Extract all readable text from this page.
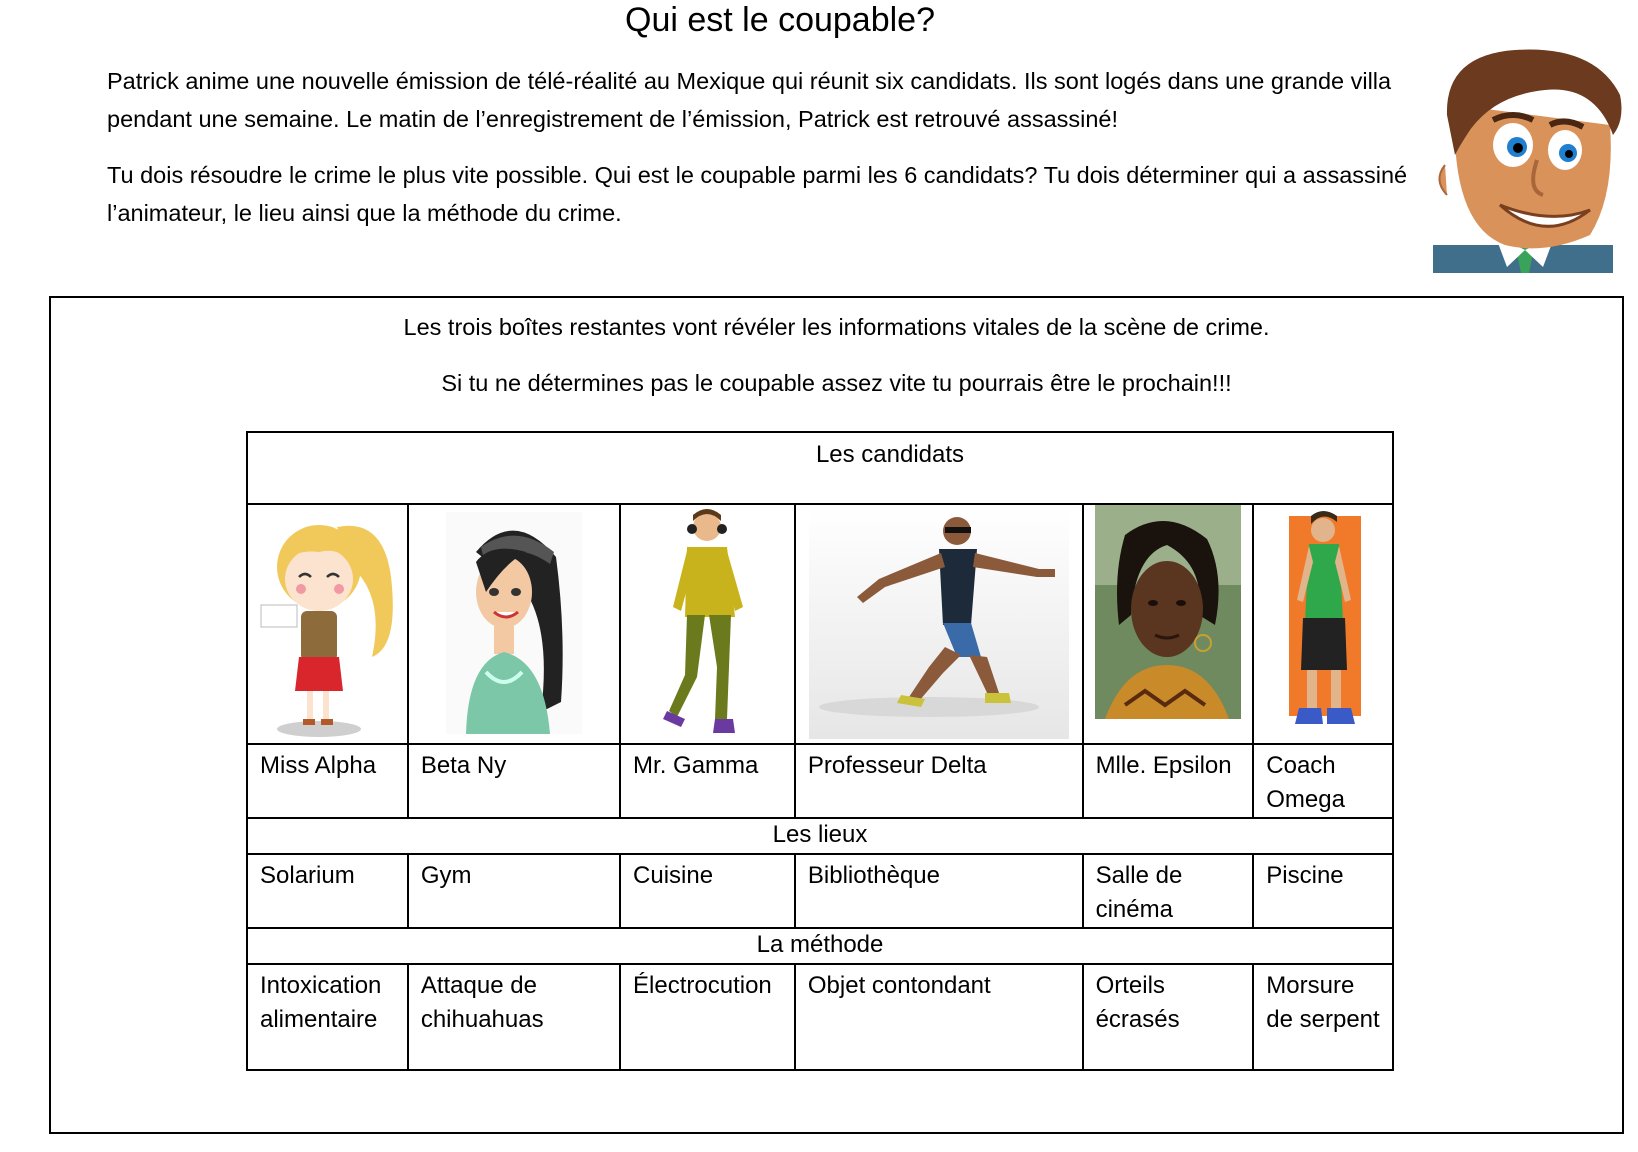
Qui est le coupable?

Patrick anime une nouvelle émission de télé-réalité au Mexique qui réunit six candidats. Ils sont logés dans une grande villa pendant une semaine. Le matin de l’enregistrement de l’émission, Patrick est retrouvé assassiné!

Tu dois résoudre le crime le plus vite possible. Qui est le coupable parmi les 6 candidats? Tu dois déterminer qui a assassiné l’animateur, le lieu ainsi que la méthode du crime.

Les trois boîtes restantes vont révéler les informations vitales de la scène de crime.
Si tu ne détermines pas le coupable assez vite tu pourrais être le prochain!!!
Les candidats					

Miss Alpha	Beta Ny	Mr. Gamma	Professeur Delta	Mlle. Epsilon	Coach Omega
Les lieux					
Solarium	Gym	Cuisine	Bibliothèque	Salle de cinéma	Piscine
La méthode					
Intoxication alimentaire	Attaque de chihuahuas	Électrocution	Objet contondant	Orteils écrasés	Morsure de serpent
